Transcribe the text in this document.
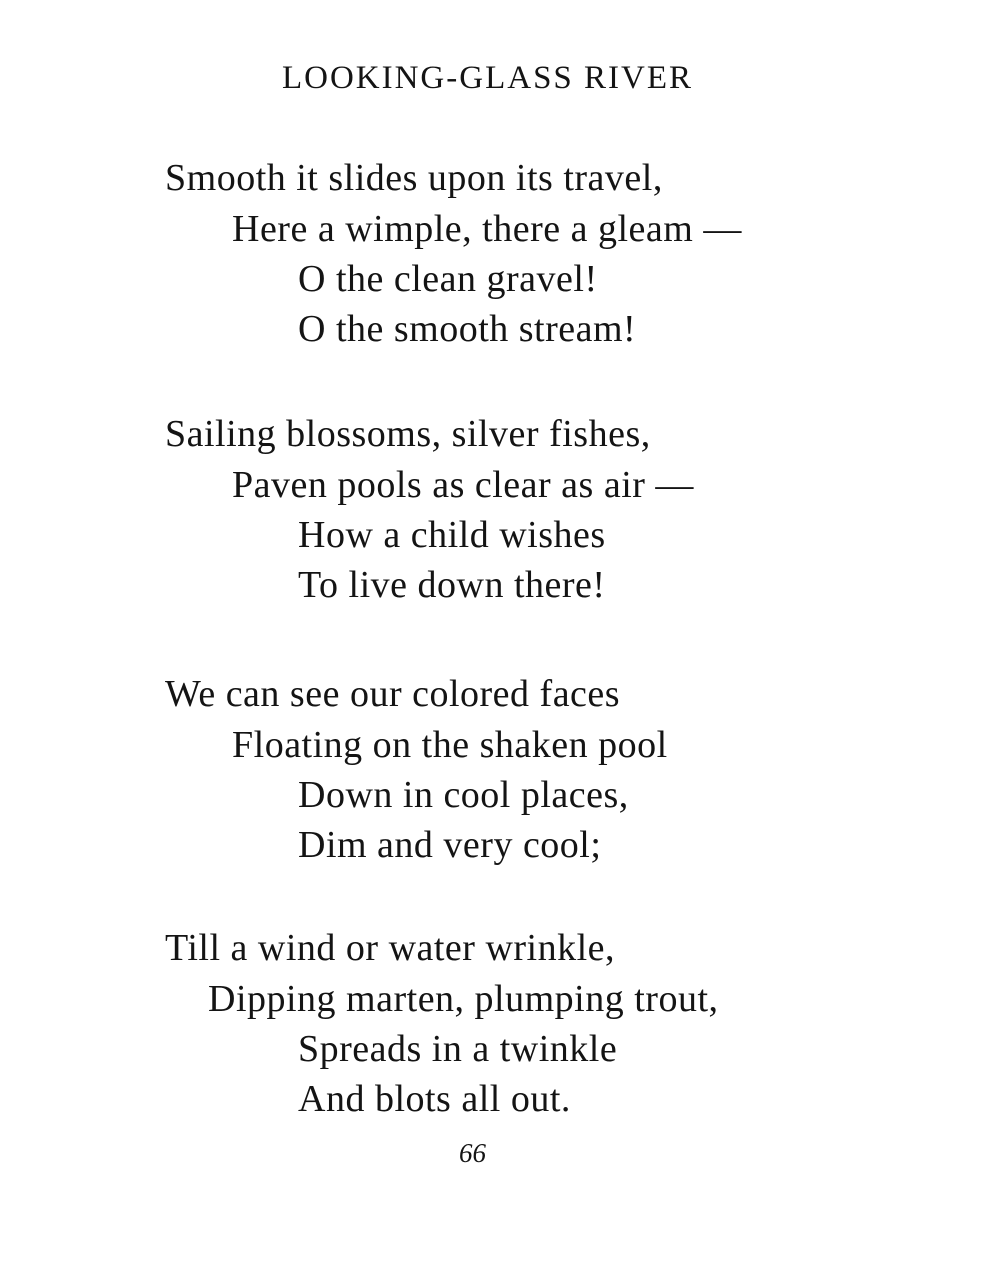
LOOKING-GLASS RIVER
Smooth it slides upon its travel,
Here a wimple, there a gleam —
O the clean gravel!
O the smooth stream!
Sailing blossoms, silver fishes,
Paven pools as clear as air —
How a child wishes
To live down there!
We can see our colored faces
Floating on the shaken pool
Down in cool places,
Dim and very cool;
Till a wind or water wrinkle,
Dipping marten, plumping trout,
Spreads in a twinkle
And blots all out.
66
